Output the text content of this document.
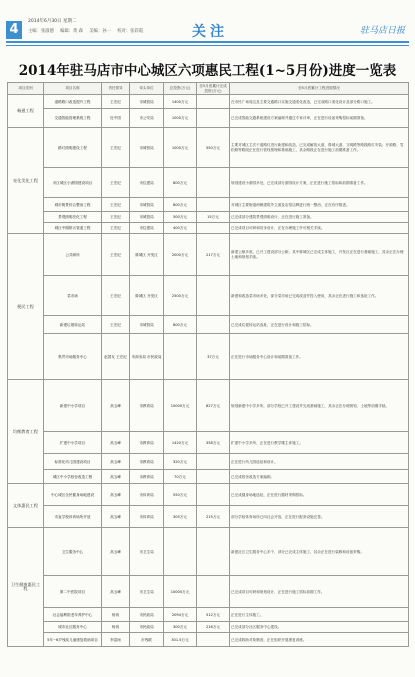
4
2014年6月30日 星期二
主编：张淑德 编辑：黄 森 美编：孙一 校对：张彩霞	关注	驻马店日报
2014年驻马店市中心城区六项惠民工程(1~5月份)进度一览表
项目类别	项目名称	责任领导	牵头单位	总投资(万元)	至5月底累计完成投资(万元)	至5月底累计工程进展情况
畅通工程	道路路口改造提升工程	王宏纪	市城管局	1400万元		在市民广场周边及主要交通路口实施交通渠化改造，已完成路口渠化设计及部分路口施工。
	交通智能管理系统工程	杜中国	市公安局	1000万元		已完成智能交通系统建设方案编制并通过专家评审，正在进行设备采购招标前期准备。
亮化美化工程	路灯照明建设工程	王宏纪	市城管局	1000万元	550万元	主要对城区主次干道路灯进行新建和改造，已完成解放大道、驿城大道、文明路等路段路灯安装；开源路、雪松路等路段正在进行管线预埋和基础施工，其余路段正在进行施工前期准备工作。
	市区城区小游园建设项目	王宏纪	市住建局	800万元		规划建设小游园多处，已完成部分游园设计方案，正在进行施工招标和前期准备工作。
	城市街景综合整治工程	王宏纪	市城管局	800万元		对城区主要街道两侧建筑外立面及店招店牌进行统一整治，正在有序推进。
	景观照明亮化工程	王宏纪	市城管局	500万元	15万元	已完成部分建筑景观照明设计，正在进行施工准备。
	城区中期排污管道工程	王宏纪	市住建局	400万元		已完成项目可研和初步设计，正在办理施工许可相关手续。
便民工程	公共厕所	王宏纪	驿城区 开发区	2000万元	217万元	新建公厕多座，已开工建设部分公厕，其中驿城区已完成主体施工，开发区正在进行基础施工，其余正在办理土地和规划手续。
	菜市场	王宏纪	驿城区 开发区	2500万元		新建和改造菜市场多处，部分菜市场已完成改造并投入使用，其余正在进行施工和选址工作。
	新建垃圾转运站	王宏纪	市城管局	800万元		已完成垃圾转运站选址，正在进行设计和施工招标。
	集贸市场服务中心	赵国友 王宏纪	市商务局 市民政局		37万元	正在进行市场服务中心设计和前期准备工作。
均衡教育工程	新建中小学项目	高玉峰	市教育局	10000万元	827万元	规划新建中小学多所，部分学校已开工建设并完成基础施工，其余正在办理规划、土地等前期手续。
	扩建中小学项目	高玉峰	市教育局	1420万元	358万元	扩建中小学多所，正在进行教学楼主体施工。
	标准化幼儿园建设项目	高玉峰	市教育局	320万元		正在进行幼儿园选址和设计。
	城区中小学校舍改造工程	高玉峰	市教育局	70万元		已完成校舍改造方案编制。
文体惠民工程	中心城区全民健身场地建设	高玉峰	市体育局	550万元		已完成健身场地选址，正在进行器材采购招标。
	市直学校体育场所开放	高玉峰	市体育局	305万元	215万元	部分学校体育场所已向社会开放，正在进行配套设施完善。
卫生健康惠民工程	卫生服务中心	高玉峰	市卫生局			新建社区卫生服务中心多个，部分已完成主体施工，其余正在进行装修和设备采购。
	第二中医院项目	高玉峰	市卫生局	10000万元		已完成项目可研和规划设计，正在进行施工招标前期工作。
	社会福利院老年养护中心	杨再	市民政局	2094万元	512万元	正在进行主体施工。
	城市社区服务中心	杨再	市民政局	300万元	216万元	已完成部分社区服务中心建设。
	5年~6岁残疾儿童康复救助项目	李富雨	市残联	301.5万元		已完成救助对象筛查，正在组织开展康复训练。
